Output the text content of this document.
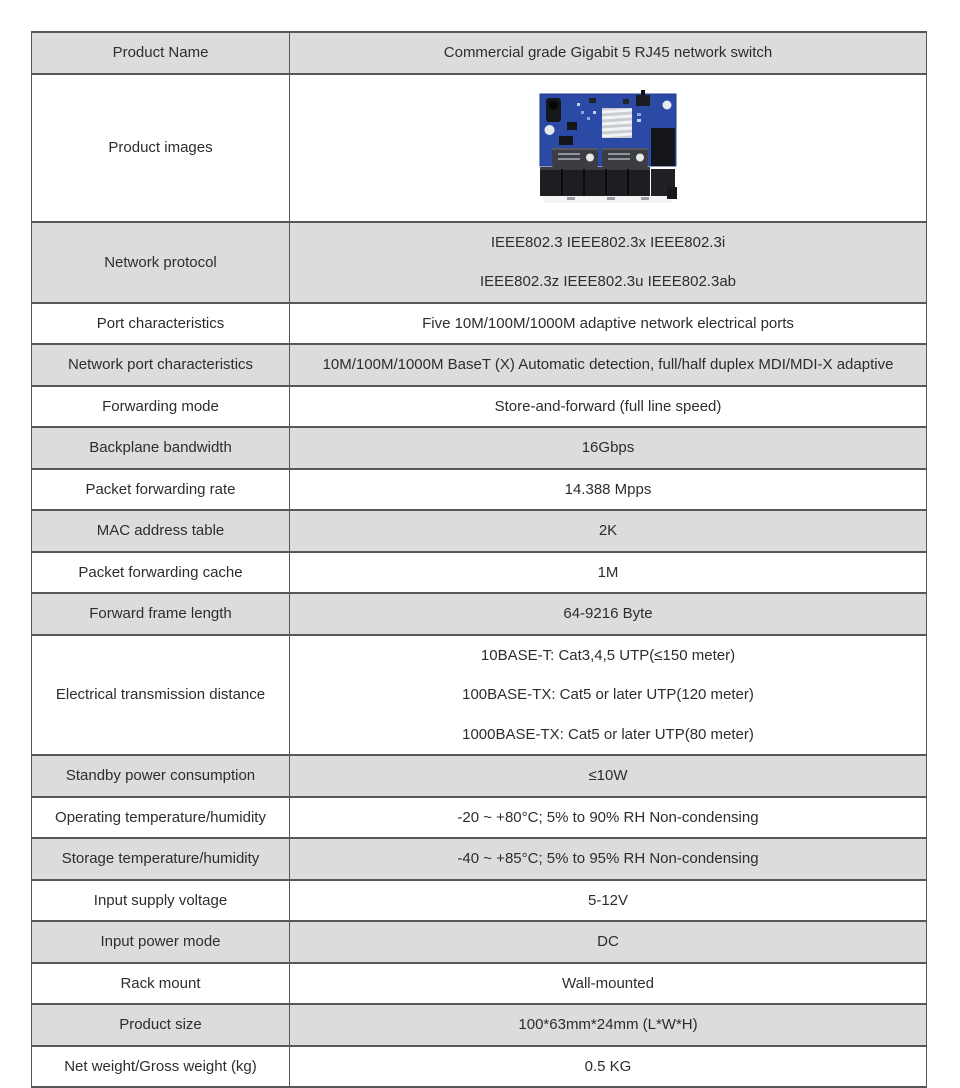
Product Name	Commercial grade Gigabit 5 RJ45 network switch

Product images	

Network protocol	IEEE802.3 IEEE802.3x IEEE802.3i
IEEE802.3z IEEE802.3u IEEE802.3ab

Port characteristics	Five 10M/100M/1000M adaptive network electrical ports

Network port characteristics	10M/100M/1000M BaseT (X) Automatic detection, full/half duplex MDI/MDI-X adaptive

Forwarding mode	Store-and-forward (full line speed)

Backplane bandwidth	16Gbps

Packet forwarding rate	14.388 Mpps

MAC address table	2K

Packet forwarding cache	1M

Forward frame length	64-9216 Byte

Electrical transmission distance	10BASE-T: Cat3,4,5 UTP(≤150 meter)
100BASE-TX: Cat5 or later UTP(120 meter)
1000BASE-TX: Cat5 or later UTP(80 meter)

Standby power consumption	≤10W

Operating temperature/humidity	-20 ~ +80°C; 5% to 90% RH Non-condensing

Storage temperature/humidity	-40 ~ +85°C; 5% to 95% RH Non-condensing

Input supply voltage	5-12V

Input power mode	DC

Rack mount	Wall-mounted

Product size	100*63mm*24mm (L*W*H)

Net weight/Gross weight (kg)	0.5 KG
